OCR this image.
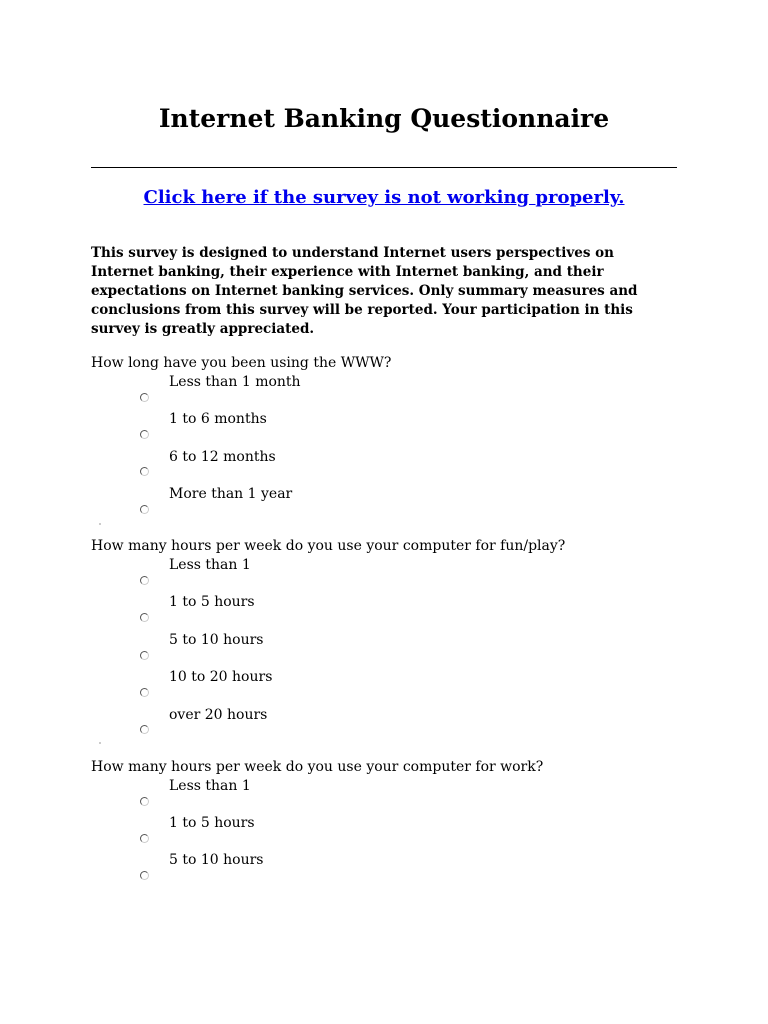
Internet Banking Questionnaire
Click here if the survey is not working properly.

This survey is designed to understand Internet users perspectives on Internet banking, their experience with Internet banking, and their expectations on Internet banking services. Only summary measures and conclusions from this survey will be reported. Your participation in this survey is greatly appreciated.

How long have you been using the WWW?

Less than 1 month
1 to 6 months
6 to 12 months
More than 1 year

How many hours per week do you use your computer for fun/play?

Less than 1
1 to 5 hours
5 to 10 hours
10 to 20 hours
over 20 hours

How many hours per week do you use your computer for work?

Less than 1
1 to 5 hours
5 to 10 hours
